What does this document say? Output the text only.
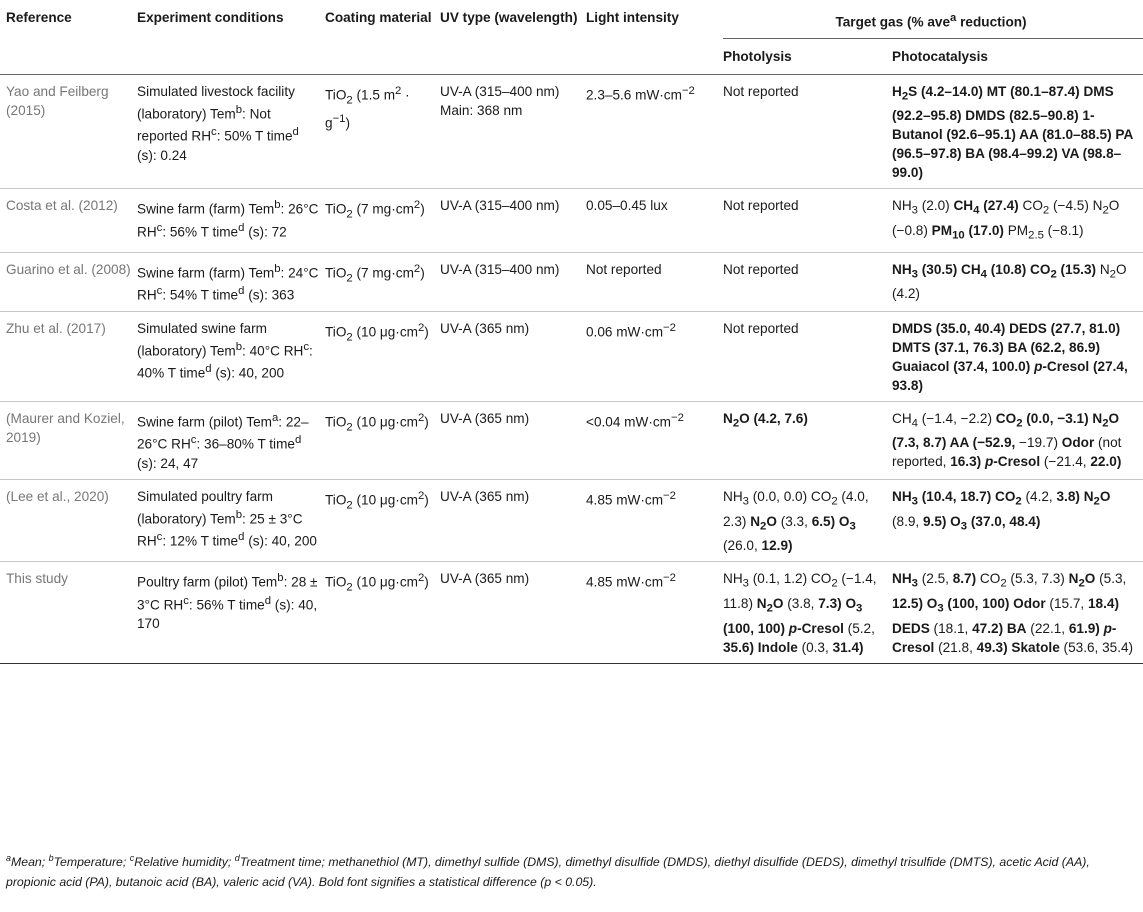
Reference	Experiment conditions	Coating material	UV type (wavelength)	Light intensity	Target gas (% ave$^a$ reduction)	
					Photolysis	Photocatalysis
Yao and Feilberg (2015)	Simulated livestock facility (laboratory) Tem$^b$: Not reported $RH^c$: 50% T time$^d$ (s): 0.24	TiO$_2$ (1.5 $m^2 \cdot g^{-1}$)	UV-A (315–400 nm) Main: 368 nm	2.3–5.6 $mW\cdot cm^{-2}$	Not reported	$H_2S$ (4.2–14.0) MT (80.1–87.4) DMS (92.2–95.8) DMDS (82.5–90.8) 1-Butanol (92.6–95.1) AA (81.0–88.5) PA (96.5–97.8) BA (98.4–99.2) VA (98.8–99.0)
Costa et al. (2012)	Swine farm (farm) Tem$^b$: 26°C $RH^c$: 56% T time$^d$ (s): 72	TiO$_2$ (7 $mg\cdot cm^2$)	UV-A (315–400 nm)	0.05–0.45 lux	Not reported	$NH_3$ (2.0) $CH_4$ (27.4) $CO_2$ (−4.5) $N_2O$ (−0.8) $PM_{10}$ (17.0) $PM_{2.5}$ (−8.1)
Guarino et al. (2008)	Swine farm (farm) Tem$^b$: 24°C $RH^c$: 54% T time$^d$ (s): 363	TiO$_2$ (7 $mg\cdot cm^2$)	UV-A (315–400 nm)	Not reported	Not reported	$NH_3$ (30.5) $CH_4$ (10.8) $CO_2$ (15.3) $N_2O$ (4.2)
Zhu et al. (2017)	Simulated swine farm (laboratory) Tem$^b$: 40°C $RH^c$: 40% T time$^d$ (s): 40, 200	TiO$_2$ (10 $\mu g\cdot cm^2$)	UV-A (365 nm)	0.06 $mW\cdot cm^{-2}$	Not reported	DMDS (35.0, 40.4) DEDS (27.7, 81.0) DMTS (37.1, 76.3) BA (62.2, 86.9) Guaiacol (37.4, 100.0) p-Cresol (27.4, 93.8)
(Maurer and Koziel, 2019)	Swine farm (pilot) Tem$^a$: 22–26°C $RH^c$: 36–80% T time$^d$ (s): 24, 47	TiO$_2$ (10 $\mu g\cdot cm^2$)	UV-A (365 nm)	<0.04 $mW\cdot cm^{-2}$	$N_2O$ (4.2, 7.6)	$CH_4$ (−1.4, −2.2) $CO_2$ (0.0, −3.1) $N_2O$ (7.3, 8.7) AA (−52.9, −19.7) Odor (not reported, 16.3) p-Cresol (−21.4, 22.0)
(Lee et al., 2020)	Simulated poultry farm (laboratory) Tem$^b$: 25 ± 3°C $RH^c$: 12% T time$^d$ (s): 40, 200	TiO$_2$ (10 $\mu g\cdot cm^2$)	UV-A (365 nm)	4.85 $mW\cdot cm^{-2}$	$NH_3$ (0.0, 0.0) $CO_2$ (4.0, 2.3) $N_2O$ (3.3, 6.5) $O_3$ (26.0, 12.9)	$NH_3$ (10.4, 18.7) $CO_2$ (4.2, 3.8) $N_2O$ (8.9, 9.5) $O_3$ (37.0, 48.4)
This study	Poultry farm (pilot) Tem$^b$: 28 ± 3°C $RH^c$: 56% T time$^d$ (s): 40, 170	TiO$_2$ (10 $\mu g\cdot cm^2$)	UV-A (365 nm)	4.85 $mW\cdot cm^{-2}$	$NH_3$ (0.1, 1.2) $CO_2$ (−1.4, 11.8) $N_2O$ (3.8, 7.3) $O_3$ (100, 100) p-Cresol (5.2, 35.6) Indole (0.3, 31.4)	$NH_3$ (2.5, 8.7) $CO_2$ (5.3, 7.3) $N_2O$ (5.3, 12.5) $O_3$ (100, 100) Odor (15.7, 18.4) DEDS (18.1, 47.2) BA (22.1, 61.9) p-Cresol (21.8, 49.3) Skatole (53.6, 35.4)
$^a$Mean; $^b$Temperature; $^c$Relative humidity; $^d$Treatment time; methanethiol (MT), dimethyl sulfide (DMS), dimethyl disulfide (DMDS), diethyl disulfide (DEDS), dimethyl trisulfide (DMTS), acetic Acid (AA), propionic acid (PA), butanoic acid (BA), valeric acid (VA). Bold font signifies a statistical difference (p < 0.05).
